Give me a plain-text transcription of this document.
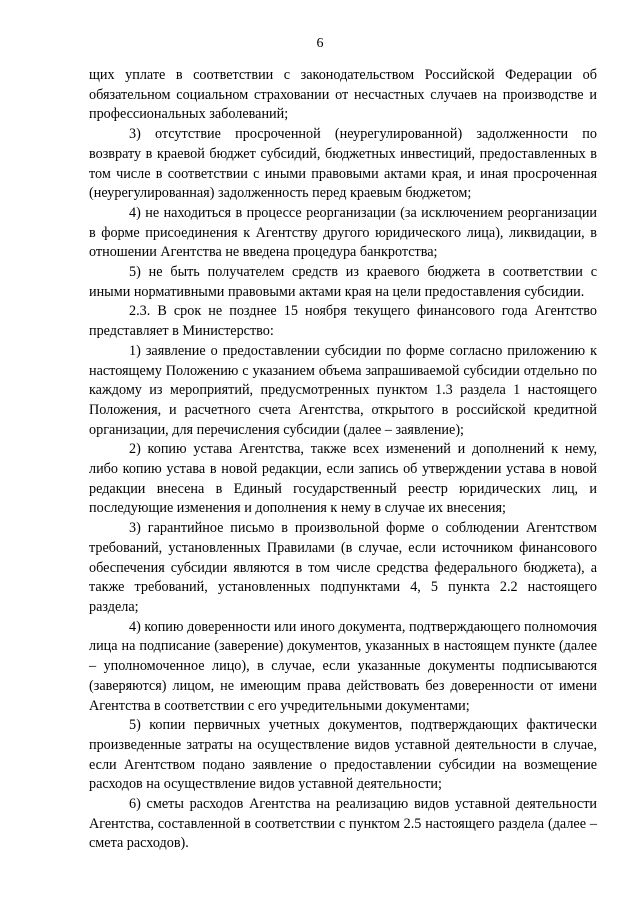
6

щих уплате в соответствии с законодательством Российской Федерации об обязательном социальном страховании от несчастных случаев на производстве и профессиональных заболеваний;

3) отсутствие просроченной (неурегулированной) задолженности по возврату в краевой бюджет субсидий, бюджетных инвестиций, предоставленных в том числе в соответствии с иными правовыми актами края, и иная просроченная (неурегулированная) задолженность перед краевым бюджетом;

4) не находиться в процессе реорганизации (за исключением реорганизации в форме присоединения к Агентству другого юридического лица), ликвидации, в отношении Агентства не введена процедура банкротства;

5) не быть получателем средств из краевого бюджета в соответствии с иными нормативными правовыми актами края на цели предоставления субсидии.

2.3. В срок не позднее 15 ноября текущего финансового года Агентство представляет в Министерство:

1) заявление о предоставлении субсидии по форме согласно приложению к настоящему Положению с указанием объема запрашиваемой субсидии отдельно по каждому из мероприятий, предусмотренных пунктом 1.3 раздела 1 настоящего Положения, и расчетного счета Агентства, открытого в российской кредитной организации, для перечисления субсидии (далее – заявление);

2) копию устава Агентства, также всех изменений и дополнений к нему, либо копию устава в новой редакции, если запись об утверждении устава в новой редакции внесена в Единый государственный реестр юридических лиц, и последующие изменения и дополнения к нему в случае их внесения;

3) гарантийное письмо в произвольной форме о соблюдении Агентством требований, установленных Правилами (в случае, если источником финансового обеспечения субсидии являются в том числе средства федерального бюджета), а также требований, установленных подпунктами 4, 5 пункта 2.2 настоящего раздела;

4) копию доверенности или иного документа, подтверждающего полномочия лица на подписание (заверение) документов, указанных в настоящем пункте (далее – уполномоченное лицо), в случае, если указанные документы подписываются (заверяются) лицом, не имеющим права действовать без доверенности от имени Агентства в соответствии с его учредительными документами;

5) копии первичных учетных документов, подтверждающих фактически произведенные затраты на осуществление видов уставной деятельности в случае, если Агентством подано заявление о предоставлении субсидии на возмещение расходов на осуществление видов уставной деятельности;

6) сметы расходов Агентства на реализацию видов уставной деятельности Агентства, составленной в соответствии с пунктом 2.5 настоящего раздела (далее – смета расходов).
